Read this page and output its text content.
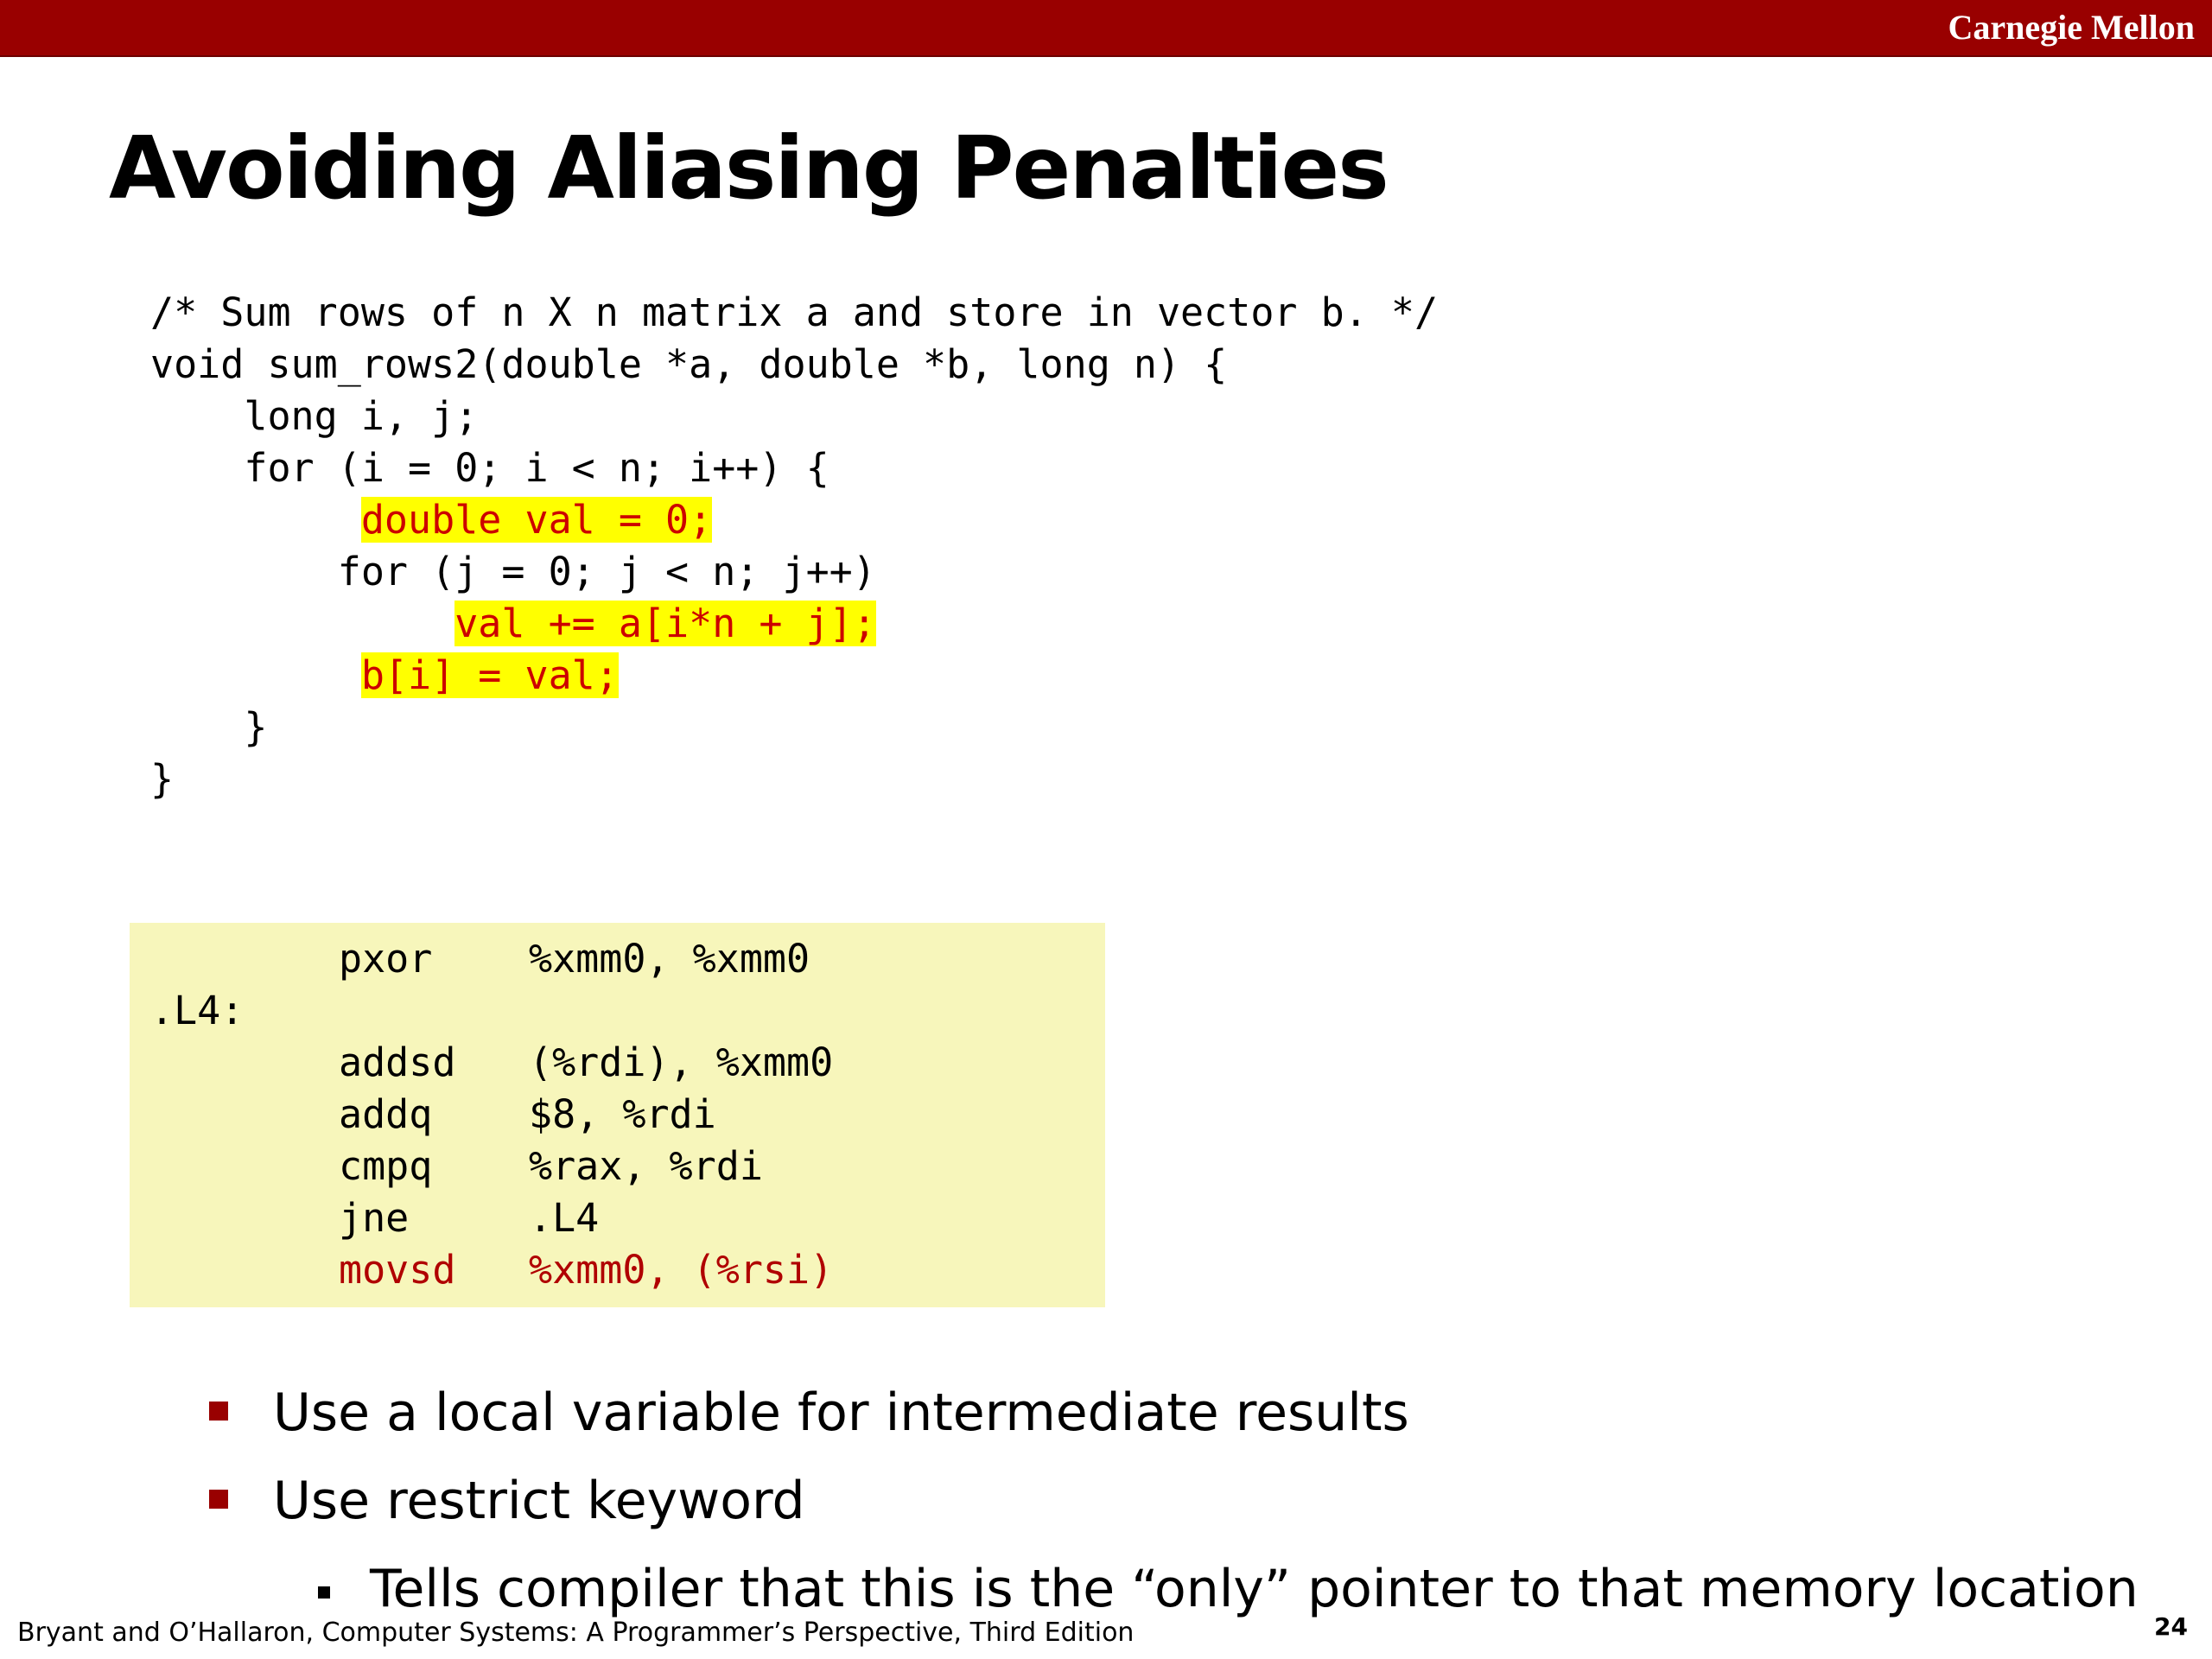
Carnegie Mellon
Avoiding Aliasing Penalties
/* Sum rows of n X n matrix a and store in vector b. */
void sum_rows2(double *a, double *b, long n) {
long i, j;
for (i = 0; i < n; i++) {
double val = 0;
for (j = 0; j < n; j++)
val += a[i*n + j];
b[i] = val;
}
}
pxor %xmm0, %xmm0
.L4:
addsd (%rdi), %xmm0
addq $8, %rdi
cmpq %rax, %rdi
jne	.L4
movsd %xmm0, (%rsi)
Use a local variable for intermediate results
Use restrict keyword
Tells compiler that this is the “only” pointer to that memory location
Bryant and O’Hallaron, Computer Systems: A Programmer’s Perspective, Third Edition	24
